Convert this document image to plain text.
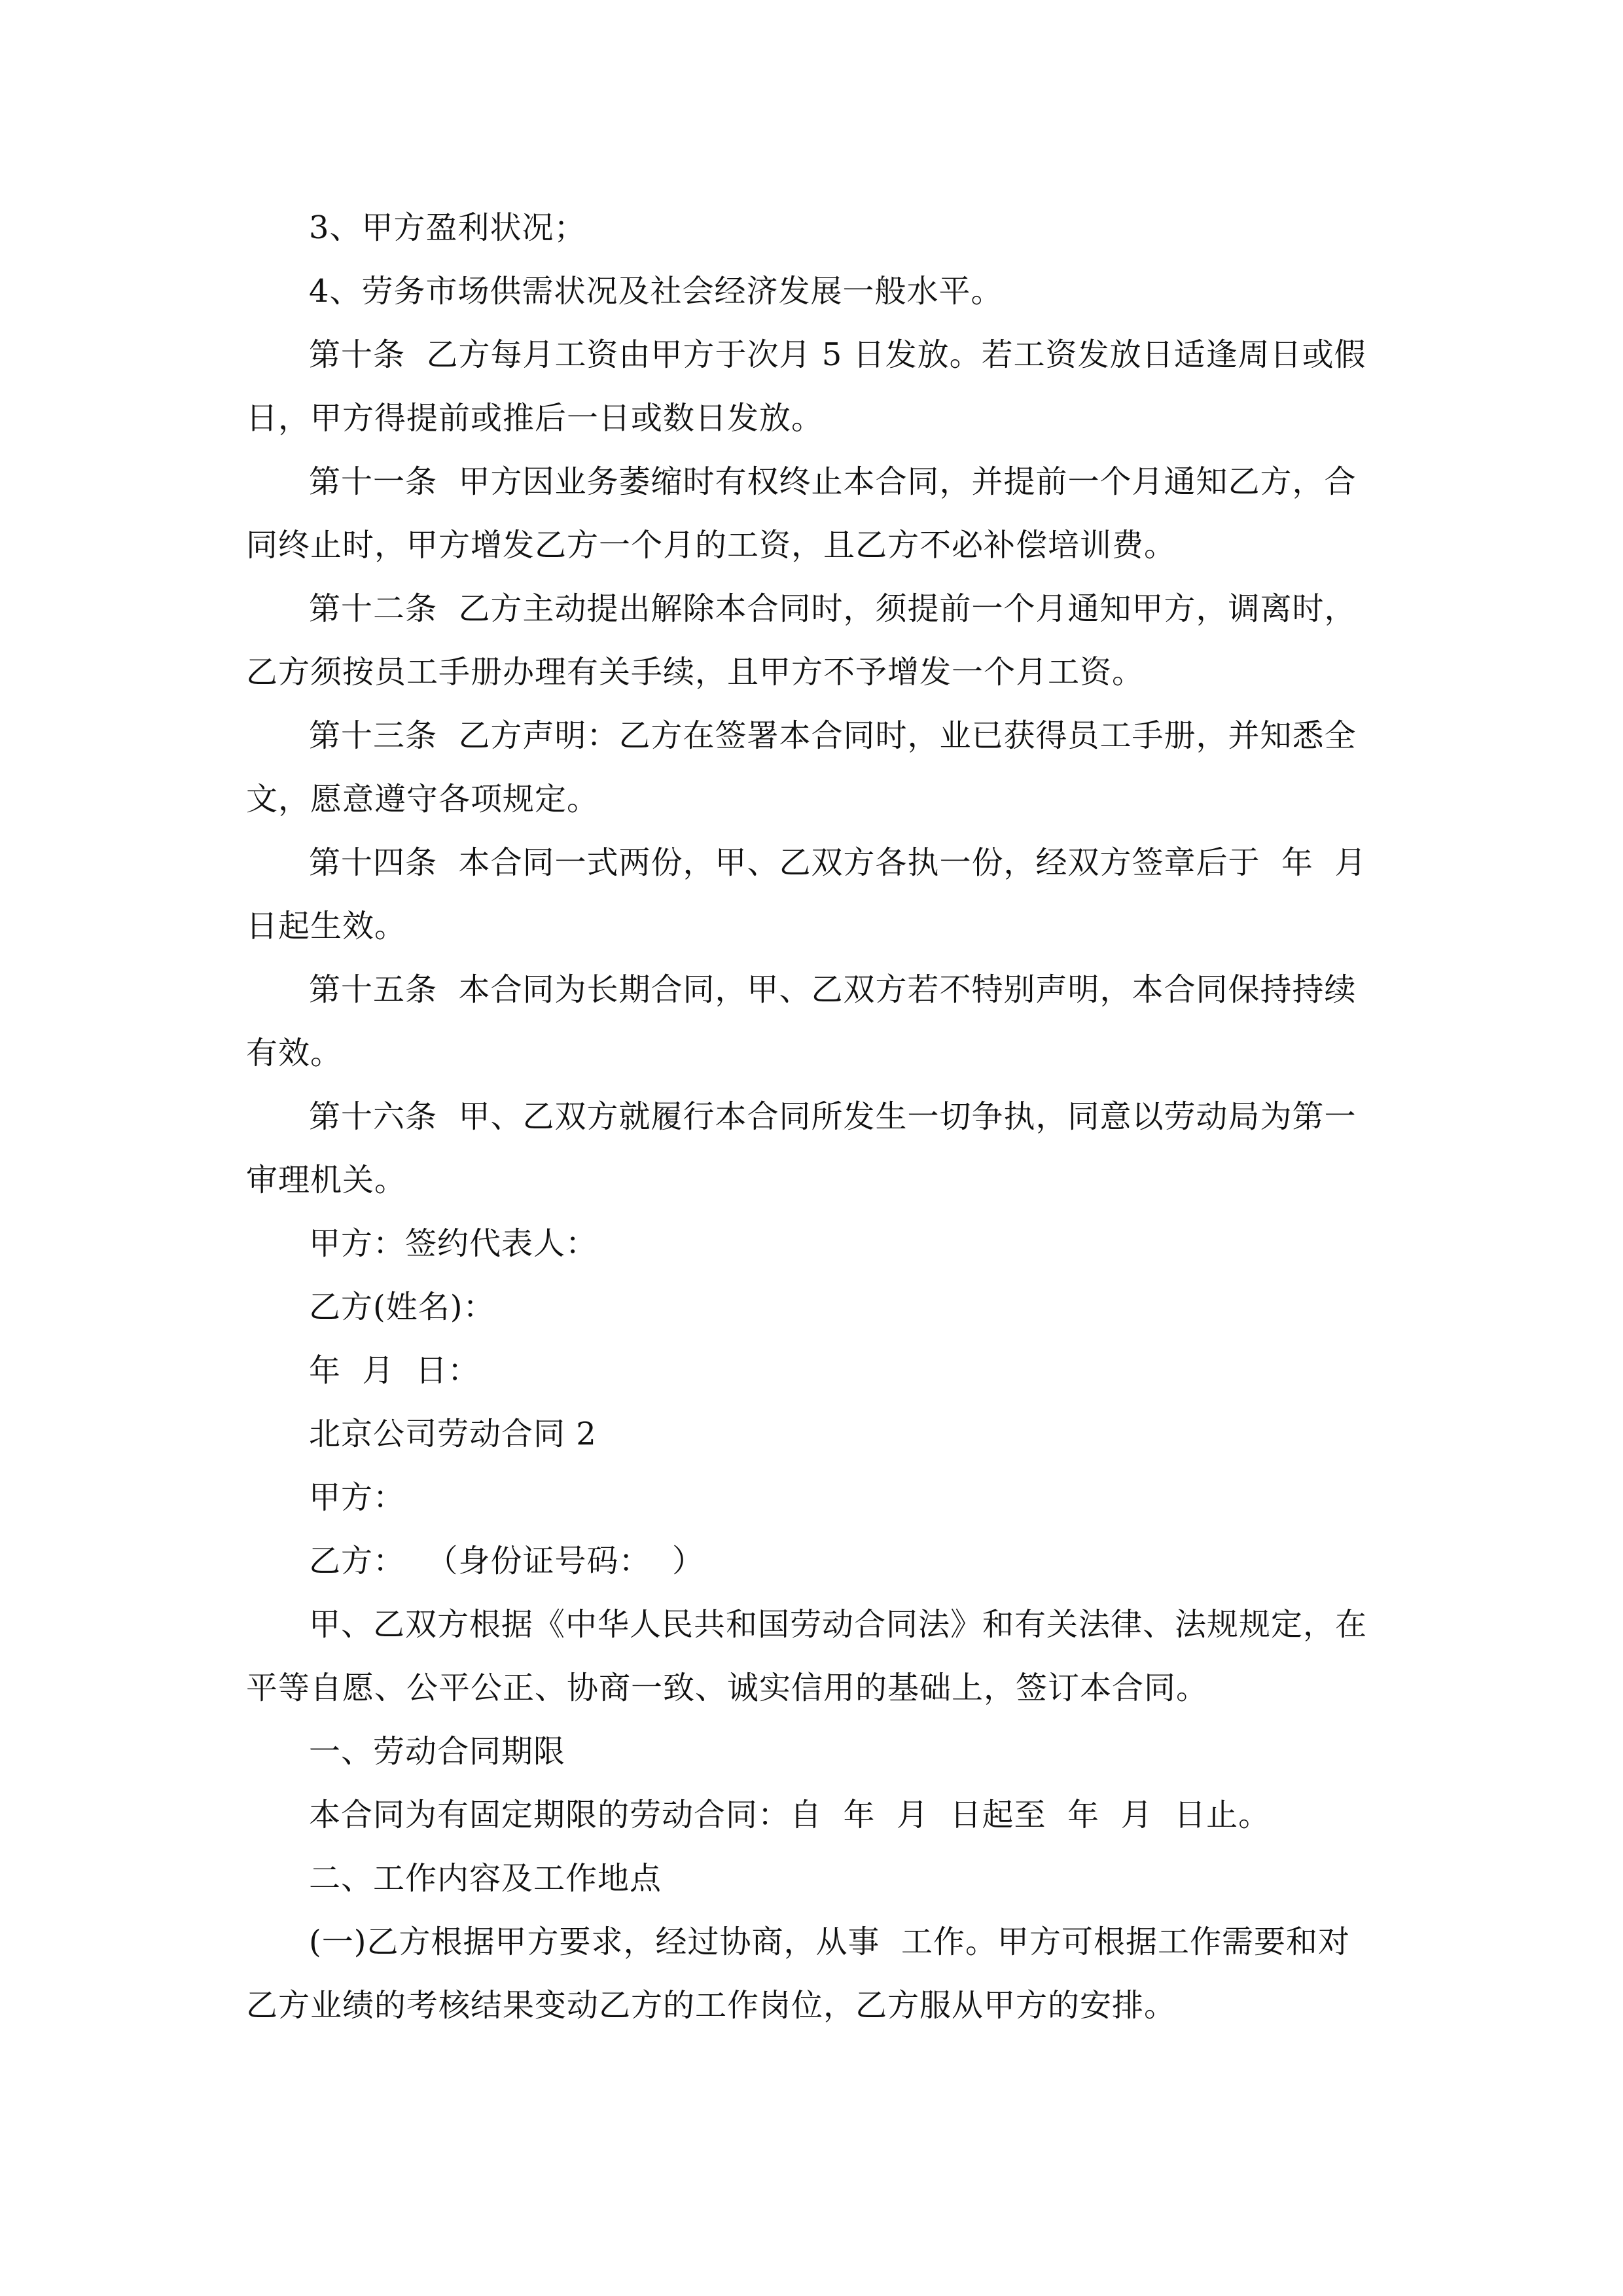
3、甲方盈利状况；

4、劳务市场供需状况及社会经济发展一般水平。

第十条  乙方每月工资由甲方于次月 5 日发放。若工资发放日适逢周日或假日，甲方得提前或推后一日或数日发放。

第十一条  甲方因业务萎缩时有权终止本合同，并提前一个月通知乙方，合同终止时，甲方增发乙方一个月的工资，且乙方不必补偿培训费。

第十二条  乙方主动提出解除本合同时，须提前一个月通知甲方，调离时，乙方须按员工手册办理有关手续，且甲方不予增发一个月工资。

第十三条  乙方声明：乙方在签署本合同时，业已获得员工手册，并知悉全文，愿意遵守各项规定。

第十四条  本合同一式两份，甲、乙双方各执一份，经双方签章后于  年  月日起生效。

第十五条  本合同为长期合同，甲、乙双方若不特别声明，本合同保持持续有效。

第十六条  甲、乙双方就履行本合同所发生一切争执，同意以劳动局为第一审理机关。

甲方：签约代表人：

乙方(姓名)：

年  月  日：

北京公司劳动合同 2

甲方：

乙方：  （身份证号码：  ）

甲、乙双方根据《中华人民共和国劳动合同法》和有关法律、法规规定，在平等自愿、公平公正、协商一致、诚实信用的基础上，签订本合同。

一、劳动合同期限

本合同为有固定期限的劳动合同：自  年  月  日起至  年  月  日止。

二、工作内容及工作地点

(一)乙方根据甲方要求，经过协商，从事  工作。甲方可根据工作需要和对乙方业绩的考核结果变动乙方的工作岗位，乙方服从甲方的安排。
